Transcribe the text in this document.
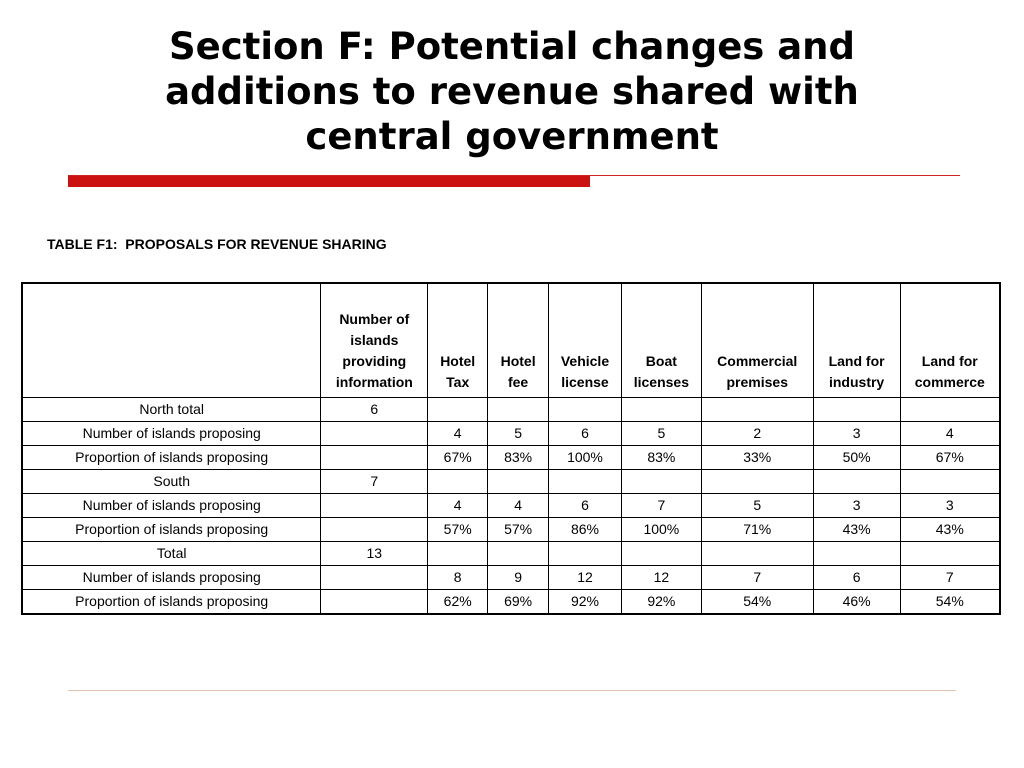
Section F: Potential changes and additions to revenue shared with central government

TABLE F1:  PROPOSALS FOR REVENUE SHARING

	Number of islands providing information	Hotel Tax	Hotel fee	Vehicle license	Boat licenses	Commercial premises	Land for industry	Land for commerce
North total	6							
Number of islands proposing		4	5	6	5	2	3	4
Proportion of islands proposing		67%	83%	100%	83%	33%	50%	67%
South	7							
Number of islands proposing		4	4	6	7	5	3	3
Proportion of islands proposing		57%	57%	86%	100%	71%	43%	43%
Total	13							
Number of islands proposing		8	9	12	12	7	6	7
Proportion of islands proposing		62%	69%	92%	92%	54%	46%	54%
